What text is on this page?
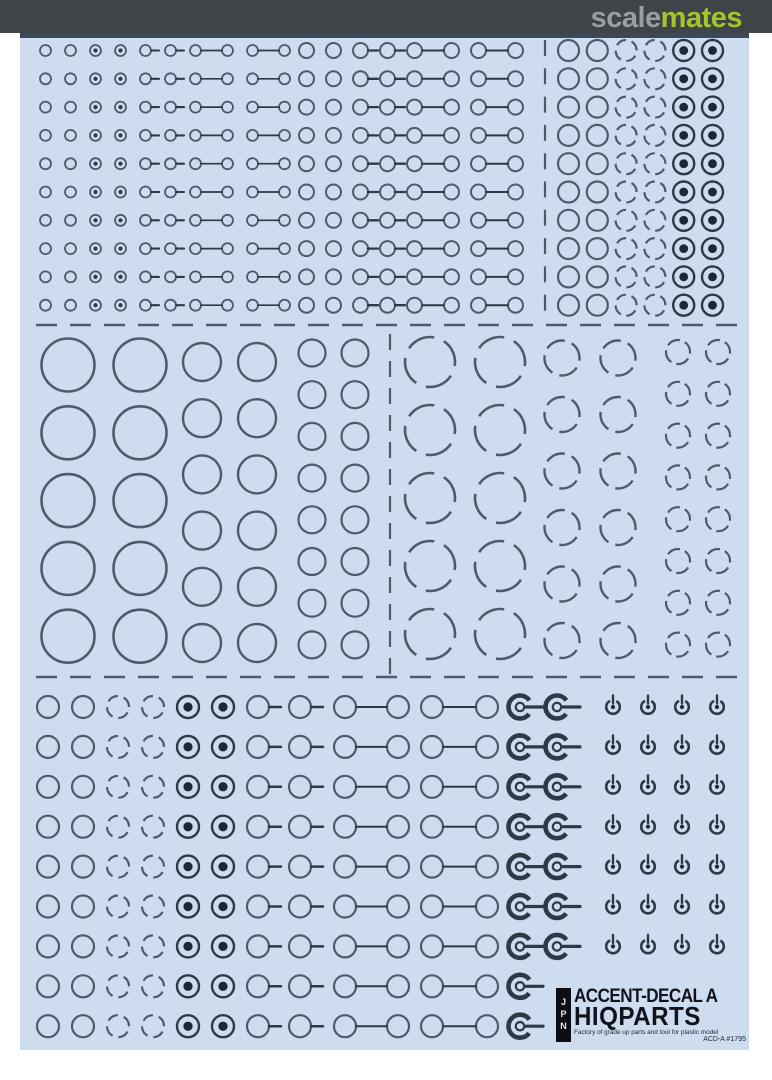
scalemates
JPN
ACCENT-DECAL A
HIQPARTS
Factory of grade up parts and tool for plastic model
ACD-A #1795
